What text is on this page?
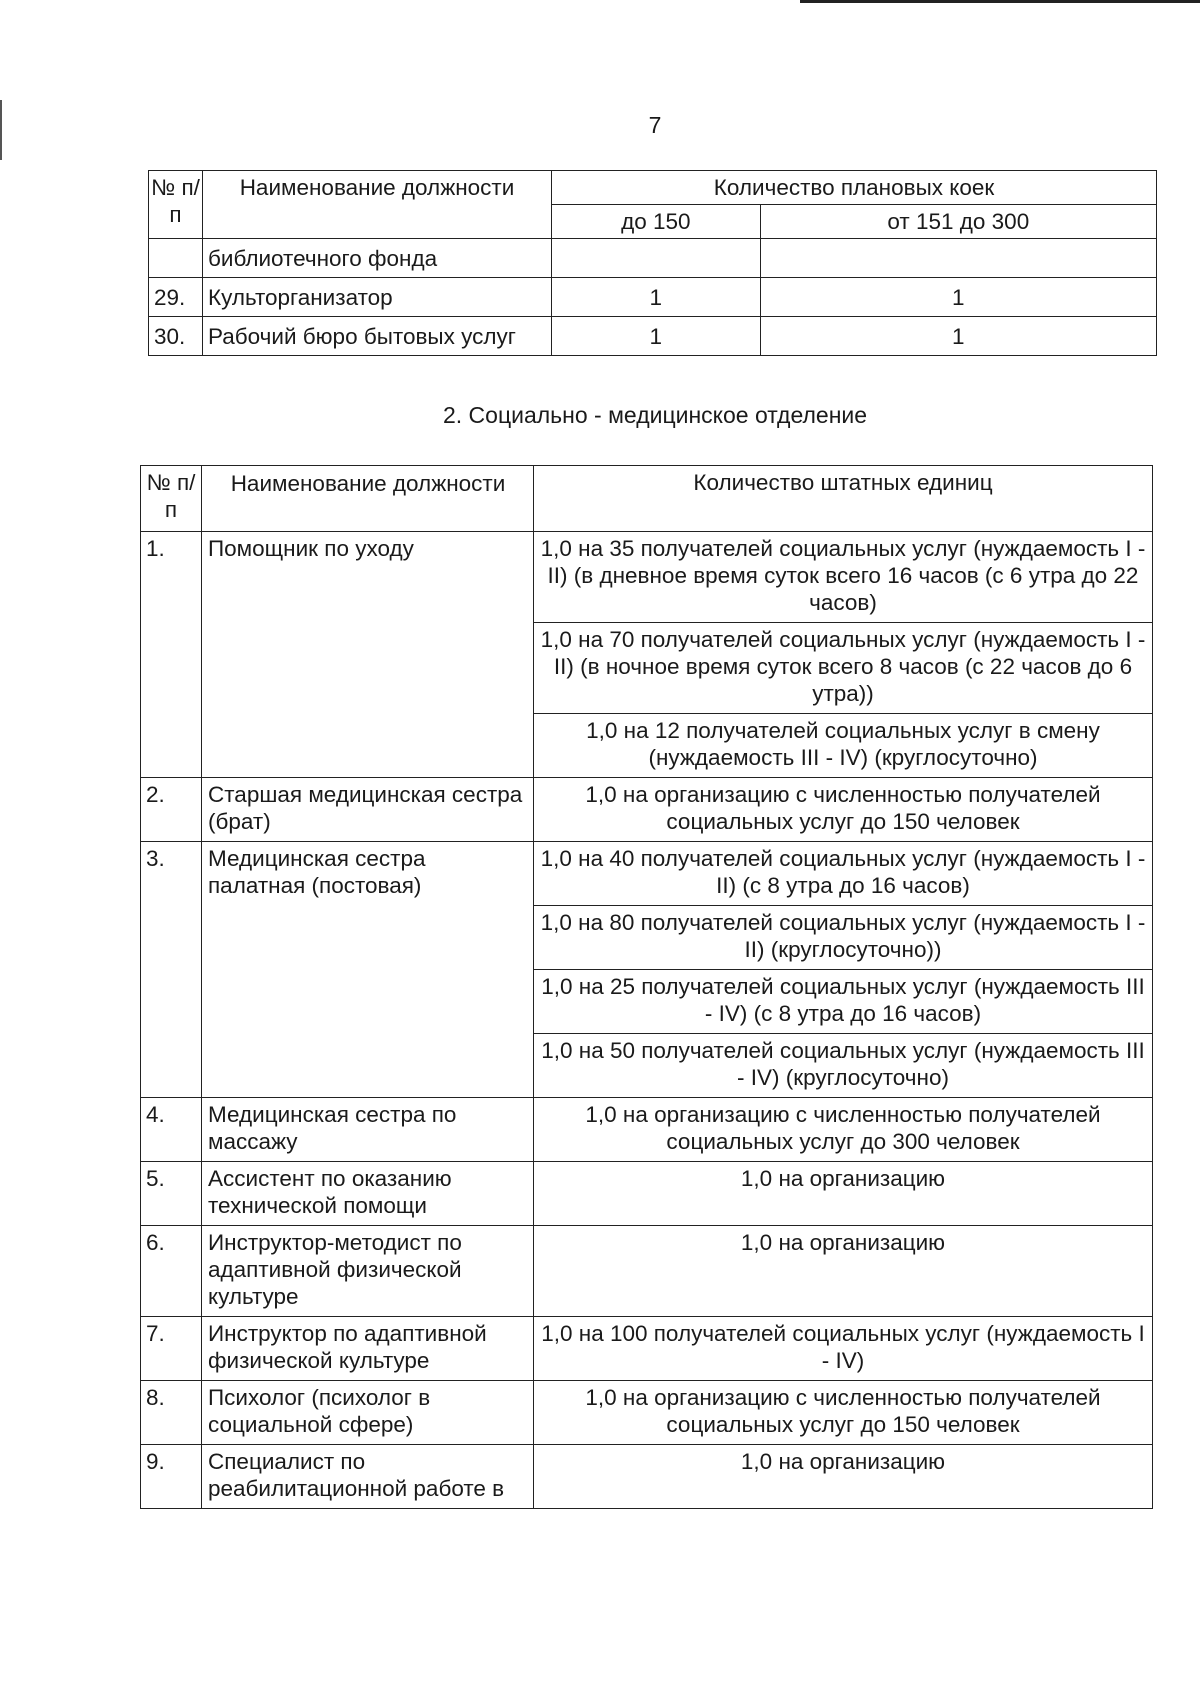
7
№ п/п	Наименование должности	Количество плановых коек	
		до 150	от 151 до 300
	библиотечного фонда		
29.	Культорганизатор	1	1
30.	Рабочий бюро бытовых услуг	1	1
2. Социально - медицинское отделение
№ п/п	Наименование должности	Количество штатных единиц
1.	Помощник по уходу	1,0 на 35 получателей социальных услуг (нуждаемость I - II) (в дневное время суток всего 16 часов (с 6 утра до 22 часов)
		1,0 на 70 получателей социальных услуг (нуждаемость I - II) (в ночное время суток всего 8 часов (с 22 часов до 6 утра))
		1,0 на 12 получателей социальных услуг в смену (нуждаемость III - IV) (круглосуточно)
2.	Старшая медицинская сестра (брат)	1,0 на организацию с численностью получателей социальных услуг до 150 человек
3.	Медицинская сестра палатная (постовая)	1,0 на 40 получателей социальных услуг (нуждаемость I - II) (с 8 утра до 16 часов)
		1,0 на 80 получателей социальных услуг (нуждаемость I - II) (круглосуточно))
		1,0 на 25 получателей социальных услуг (нуждаемость III - IV) (с 8 утра до 16 часов)
		1,0 на 50 получателей социальных услуг (нуждаемость III - IV) (круглосуточно)
4.	Медицинская сестра по массажу	1,0 на организацию с численностью получателей социальных услуг до 300 человек
5.	Ассистент по оказанию технической помощи	1,0 на организацию
6.	Инструктор-методист по адаптивной физической культуре	1,0 на организацию
7.	Инструктор по адаптивной физической культуре	1,0 на 100 получателей социальных услуг (нуждаемость I - IV)
8.	Психолог (психолог в социальной сфере)	1,0 на организацию с численностью получателей социальных услуг до 150 человек
9.	Специалист по реабилитационной работе в	1,0 на организацию
